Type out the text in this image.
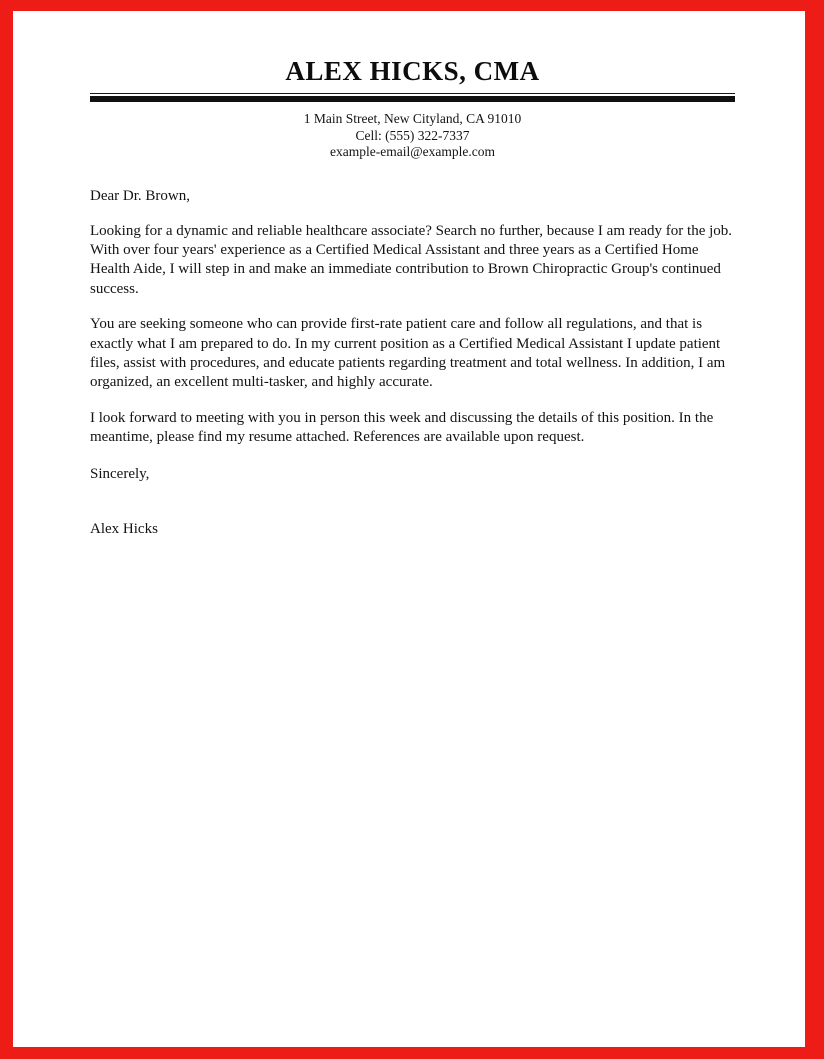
ALEX HICKS, CMA

1 Main Street, New Cityland, CA 91010

Cell: (555) 322-7337

example-email@example.com

Dear Dr. Brown,

Looking for a dynamic and reliable healthcare associate? Search no further, because I am ready for the job. With over four years' experience as a Certified Medical Assistant and three years as a Certified Home Health Aide, I will step in and make an immediate contribution to Brown Chiropractic Group's continued success.

You are seeking someone who can provide first-rate patient care and follow all regulations, and that is exactly what I am prepared to do. In my current position as a Certified Medical Assistant I update patient files, assist with procedures, and educate patients regarding treatment and total wellness. In addition, I am organized, an excellent multi-tasker, and highly accurate.

I look forward to meeting with you in person this week and discussing the details of this position. In the meantime, please find my resume attached. References are available upon request.

Sincerely,

Alex Hicks
